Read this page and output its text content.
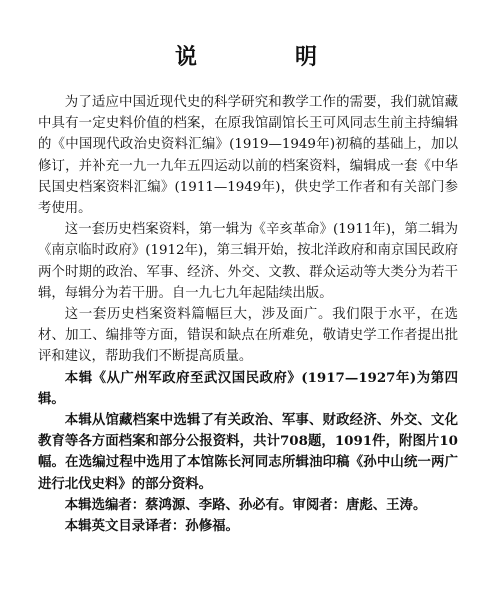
说　明

为了适应中国近现代史的科学研究和教学工作的需要，我们就馆藏中具有一定史料价值的档案，在原我馆副馆长王可风同志生前主持编辑的《中国现代政治史资料汇编》(1919—1949年)初稿的基础上，加以修订，并补充一九一九年五四运动以前的档案资料，编辑成一套《中华民国史档案资料汇编》(1911—1949年)，供史学工作者和有关部门参考使用。

这一套历史档案资料，第一辑为《辛亥革命》(1911年)，第二辑为《南京临时政府》(1912年)，第三辑开始，按北洋政府和南京国民政府两个时期的政治、军事、经济、外交、文教、群众运动等大类分为若干辑，每辑分为若干册。自一九七九年起陆续出版。

这一套历史档案资料篇幅巨大，涉及面广。我们限于水平，在选材、加工、编排等方面，错误和缺点在所难免，敬请史学工作者提出批评和建议，帮助我们不断提高质量。

本辑《从广州军政府至武汉国民政府》(1917—1927年)为第四辑。

本辑从馆藏档案中选辑了有关政治、军事、财政经济、外交、文化教育等各方面档案和部分公报资料，共计708题，1091件，附图片10幅。在选编过程中选用了本馆陈长河同志所辑油印稿《孙中山统一两广进行北伐史料》的部分资料。

本辑选编者：蔡鸿源、李路、孙必有。审阅者：唐彪、王涛。

本辑英文目录译者：孙修福。
